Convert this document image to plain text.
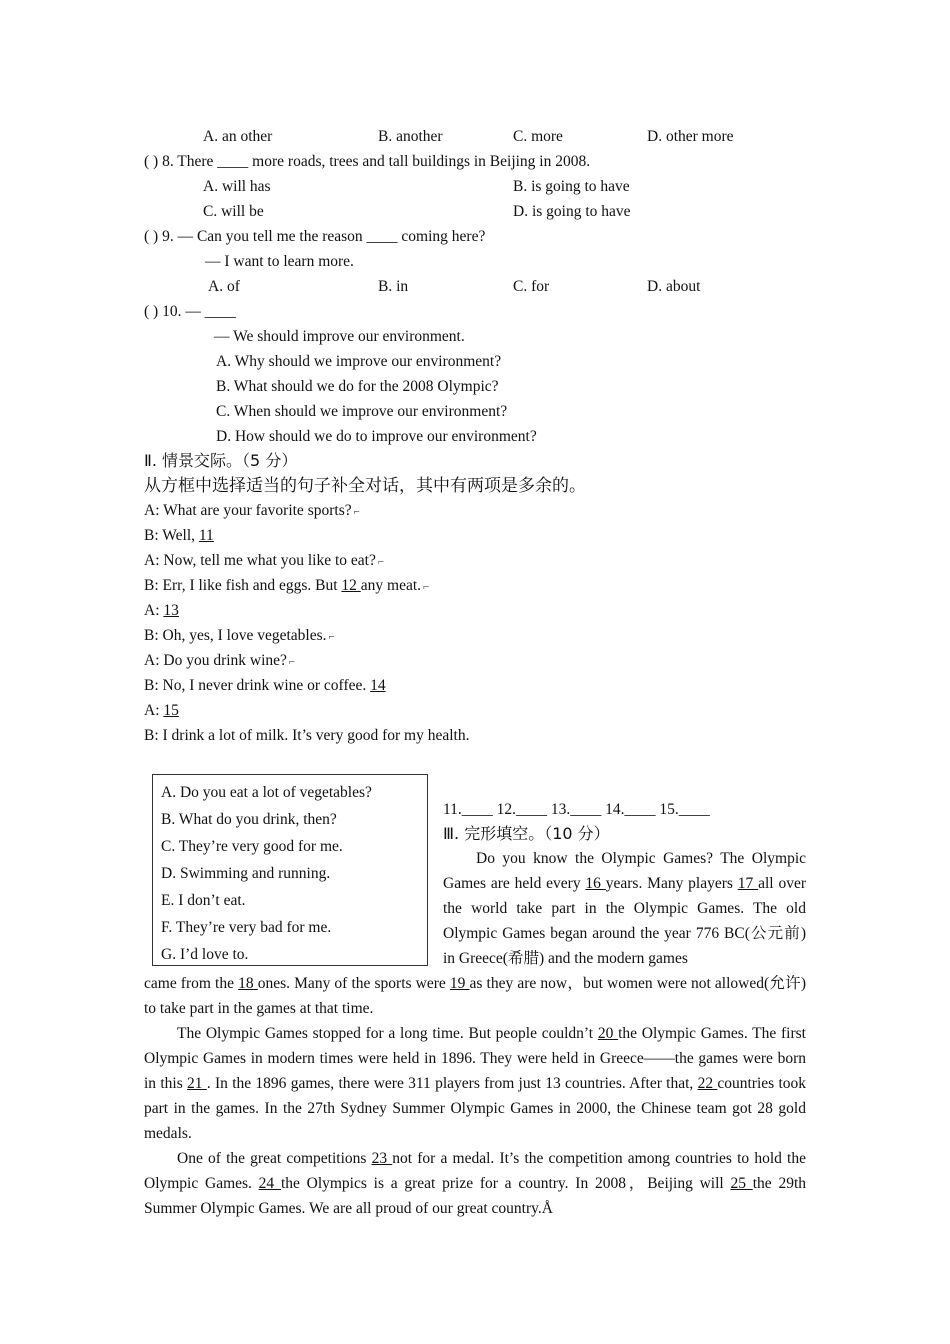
A. an other	B. another	C. more	D. other more
( ) 8. There ____ more roads, trees and tall buildings in Beijing in 2008.
A. will has	B. is going to have
C. will be	D. is going to have
( ) 9. — Can you tell me the reason ____ coming here?
— I want to learn more.
A. of	B. in	C. for	D. about
( ) 10. — ____
— We should improve our environment.
A. Why should we improve our environment?
B. What should we do for the 2008 Olympic?
C. When should we improve our environment?
D. How should we do to improve our environment?
Ⅱ. 情景交际。（5 分）
从方框中选择适当的句子补全对话，其中有两项是多余的。
A: What are your favorite sports? ⌐
B: Well, 11
A: Now, tell me what you like to eat? ⌐
B: Err, I like fish and eggs. But 12 any meat. ⌐
A: 13
B: Oh, yes, I love vegetables. ⌐
A: Do you drink wine? ⌐
B: No, I never drink wine or coffee. 14
A: 15
B: I drink a lot of milk. It’s very good for my health.
A. Do you eat a lot of vegetables?
B. What do you drink, then?
C. They’re very good for me.
D. Swimming and running.
E. I don’t eat.
F. They’re very bad for me.
G. I’d love to.
11.____ 12.____ 13.____ 14.____ 15.____
Ⅲ. 完形填空。（10 分）
Do you know the Olympic Games? The Olympic Games are held every 16 years. Many players 17 all over the world take part in the Olympic Games. The old Olympic Games began around the year 776 BC(公元前) in Greece(希腊) and the modern games
came from the 18 ones. Many of the sports were 19 as they are now，but women were not allowed(允许) to take part in the games at that time.
The Olympic Games stopped for a long time. But people couldn’t 20 the Olympic Games. The first Olympic Games in modern times were held in 1896. They were held in Greece——the games were born in this 21 . In the 1896 games, there were 311 players from just 13 countries. After that, 22 countries took part in the games. In the 27th Sydney Summer Olympic Games in 2000, the Chinese team got 28 gold medals.
One of the great competitions 23 not for a medal. It’s the competition among countries to hold the Olympic Games. 24 the Olympics is a great prize for a country. In 2008，Beijing will 25 the 29th Summer Olympic Games. We are all proud of our great country.Å
